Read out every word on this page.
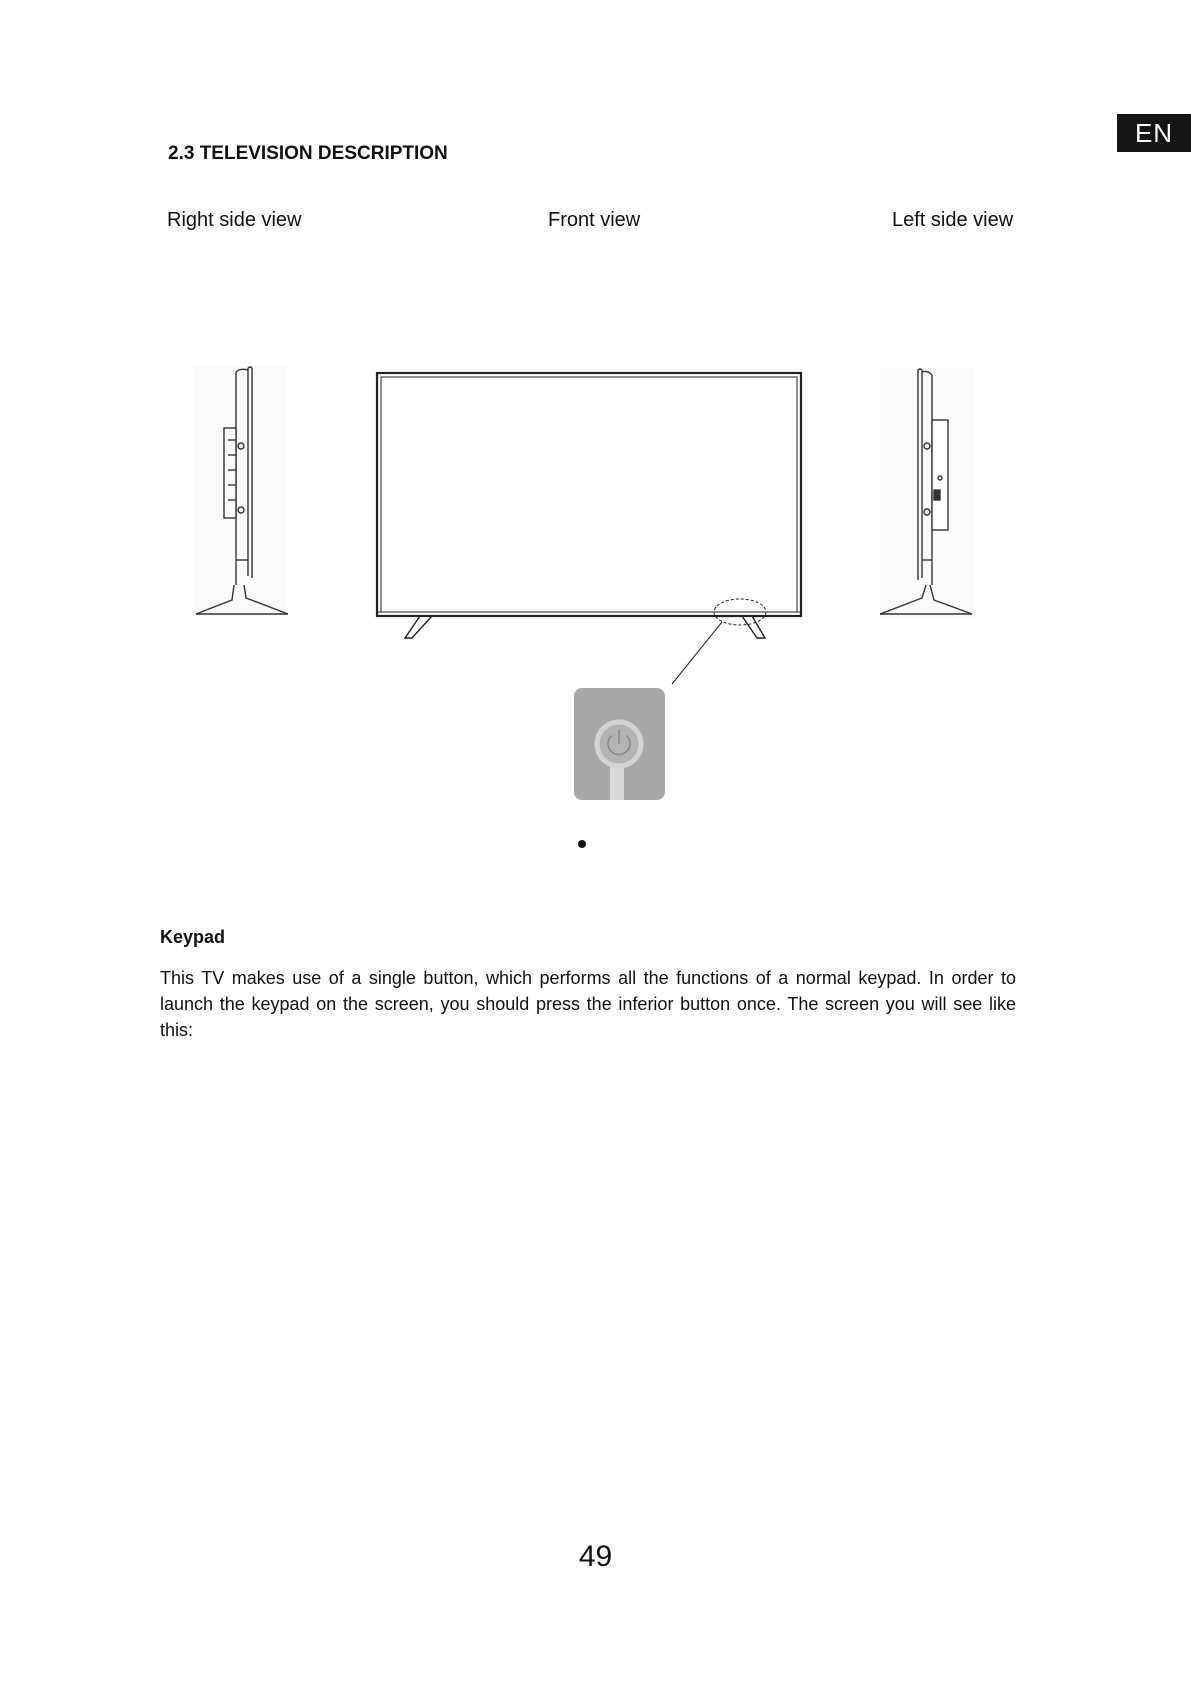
EN
2.3 TELEVISION DESCRIPTION

Right side view	Front view	Left side view

Keypad

This TV makes use of a single button, which performs all the functions of a normal keypad. In order to launch the keypad on the screen, you should press the inferior button once. The screen you will see like this:

49
